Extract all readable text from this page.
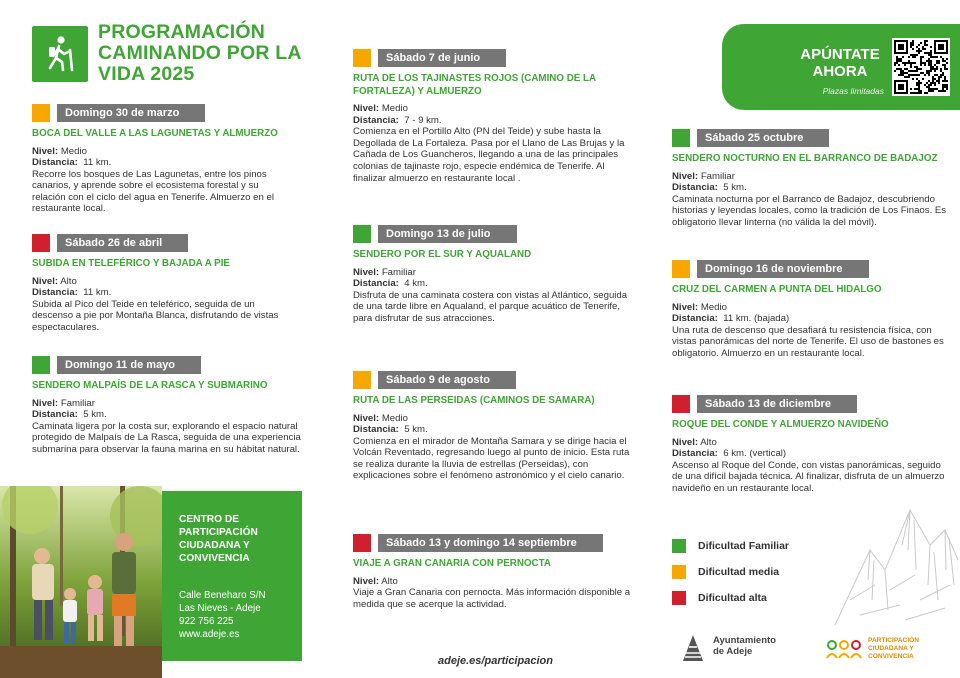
PROGRAMACIÓN CAMINANDO POR LA VIDA 2025
Domingo 30 de marzo
BOCA DEL VALLE A LAS LAGUNETAS Y ALMUERZO
Nivel: Medio
Distancia: 11 km.
Recorre los bosques de Las Lagunetas, entre los pinos canarios, y aprende sobre el ecosistema forestal y su relación con el ciclo del agua en Tenerife. Almuerzo en el restaurante local.
Sábado 26 de abril
SUBIDA EN TELEFÉRICO Y BAJADA A PIE
Nivel: Alto
Distancia: 11 km.
Subida al Pico del Teide en teleférico, seguida de un descenso a pie por Montaña Blanca, disfrutando de vistas espectaculares.
Domingo 11 de mayo
SENDERO MALPAÍS DE LA RASCA Y SUBMARINO
Nivel: Familiar
Distancia: 5 km.
Caminata ligera por la costa sur, explorando el espacio natural protegido de Malpaís de La Rasca, seguida de una experiencia submarina para observar la fauna marina en su hábitat natural.
Sábado 7 de junio
RUTA DE LOS TAJINASTES ROJOS (CAMINO DE LA FORTALEZA) Y ALMUERZO
Nivel: Medio
Distancia: 7 - 9 km.
Comienza en el Portillo Alto (PN del Teide) y sube hasta la Degollada de La Fortaleza. Pasa por el Llano de Las Brujas y la Cañada de Los Guancheros, llegando a una de las principales colonias de tajinaste rojo, especie endémica de Tenerife. Al finalizar almuerzo en restaurante local .
Domingo 13 de julio
SENDERO POR EL SUR Y AQUALAND
Nivel: Familiar
Distancia: 4 km.
Disfruta de una caminata costera con vistas al Atlántico, seguida de una tarde libre en Aqualand, el parque acuático de Tenerife, para disfrutar de sus atracciones.
Sábado 9 de agosto
RUTA DE LAS PERSEIDAS (CAMINOS DE SAMARA)
Nivel: Medio
Distancia: 5 km.
Comienza en el mirador de Montaña Samara y se dirige hacia el Volcán Reventado, regresando luego al punto de inicio. Esta ruta se realiza durante la lluvia de estrellas (Perseidas), con explicaciones sobre el fenómeno astronómico y el cielo canario.
Sábado 13 y domingo 14 septiembre
VIAJE A GRAN CANARIA CON PERNOCTA
Nivel: Alto
Viaje a Gran Canaria con pernocta. Más información disponible a medida que se acerque la actividad.
Sábado 25 octubre
SENDERO NOCTURNO EN EL BARRANCO DE BADAJOZ
Nivel: Familiar
Distancia: 5 km.
Caminata nocturna por el Barranco de Badajoz, descubriendo historias y leyendas locales, como la tradición de Los Finaos. Es obligatorio llevar linterna (no válida la del móvil).
Domingo 16 de noviembre
CRUZ DEL CARMEN A PUNTA DEL HIDALGO
Nivel: Medio
Distancia: 11 km. (bajada)
Una ruta de descenso que desafiará tu resistencia física, con vistas panorámicas del norte de Tenerife. El uso de bastones es obligatorio. Almuerzo en un restaurante local.
Sábado 13 de diciembre
ROQUE DEL CONDE Y ALMUERZO NAVIDEÑO
Nivel: Alto
Distancia: 6 km. (vertical)
Ascenso al Roque del Conde, con vistas panorámicas, seguido de una difícil bajada técnica. Al finalizar, disfruta de un almuerzo navideño en un restaurante local.
APÚNTATE
AHORA
Plazas limitadas
Dificultad Familiar
Dificultad media
Dificultad alta
CENTRO DE
PARTICIPACIÓN
CIUDADANA Y
CONVIVENCIA
Calle Beneharo S/N
Las Nieves - Adeje
922 756 225
www.adeje.es
adeje.es/participacion
Ayuntamiento
de Adeje
PARTICIPACIÓN
CIUDADANA Y
CONVIVENCIA
